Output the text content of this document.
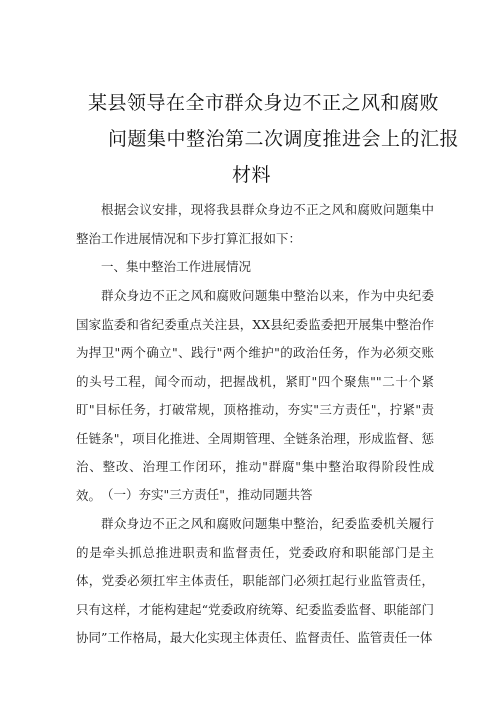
某县领导在全市群众身边不正之风和腐败
问题集中整治第二次调度推进会上的汇报
材料
根据会议安排，现将我县群众身边不正之风和腐败问题集中整治工作进展情况和下步打算汇报如下：
一、集中整治工作进展情况
群众身边不正之风和腐败问题集中整治以来，作为中央纪委国家监委和省纪委重点关注县，XX县纪委监委把开展集中整治作为捍卫"两个确立"、践行"两个维护"的政治任务，作为必须交账的头号工程，闻令而动，把握战机，紧盯"四个聚焦""二十个紧盯"目标任务，打破常规，顶格推动，夯实"三方责任"，拧紧"责任链条"，项目化推进、全周期管理、全链条治理，形成监督、惩治、整改、治理工作闭环，推动"群腐"集中整治取得阶段性成效。 （一）夯实"三方责任"，推动同题共答
群众身边不正之风和腐败问题集中整治，纪委监委机关履行的是牵头抓总推进职责和监督责任，党委政府和职能部门是主体，党委必须扛牢主体责任，职能部门必须扛起行业监管责任，只有这样，才能构建起“党委政府统筹、纪委监委监督、职能部门协同”工作格局，最大化实现主体责任、监督责任、监管责任一体
